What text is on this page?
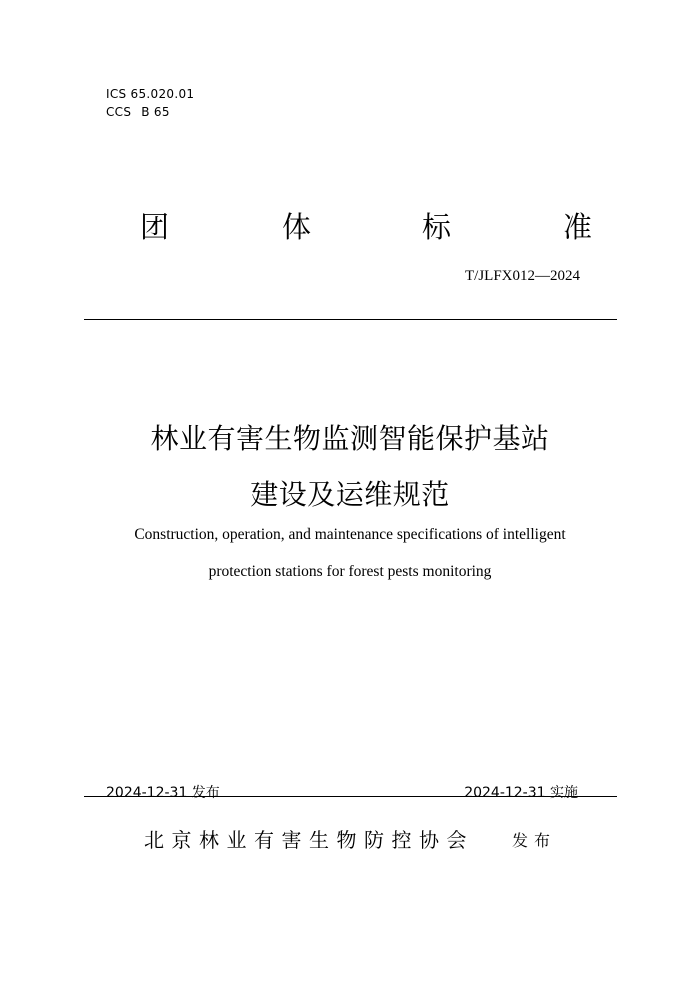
ICS 65.020.01
CCS B 65
团	体	标	准
T/JLFX012—2024
林业有害生物监测智能保护基站
建设及运维规范
Construction, operation, and maintenance specifications of intelligent
protection stations for forest pests monitoring
2024-12-31 发布	2024-12-31 实施
北京林业有害生物防控协会 发布
